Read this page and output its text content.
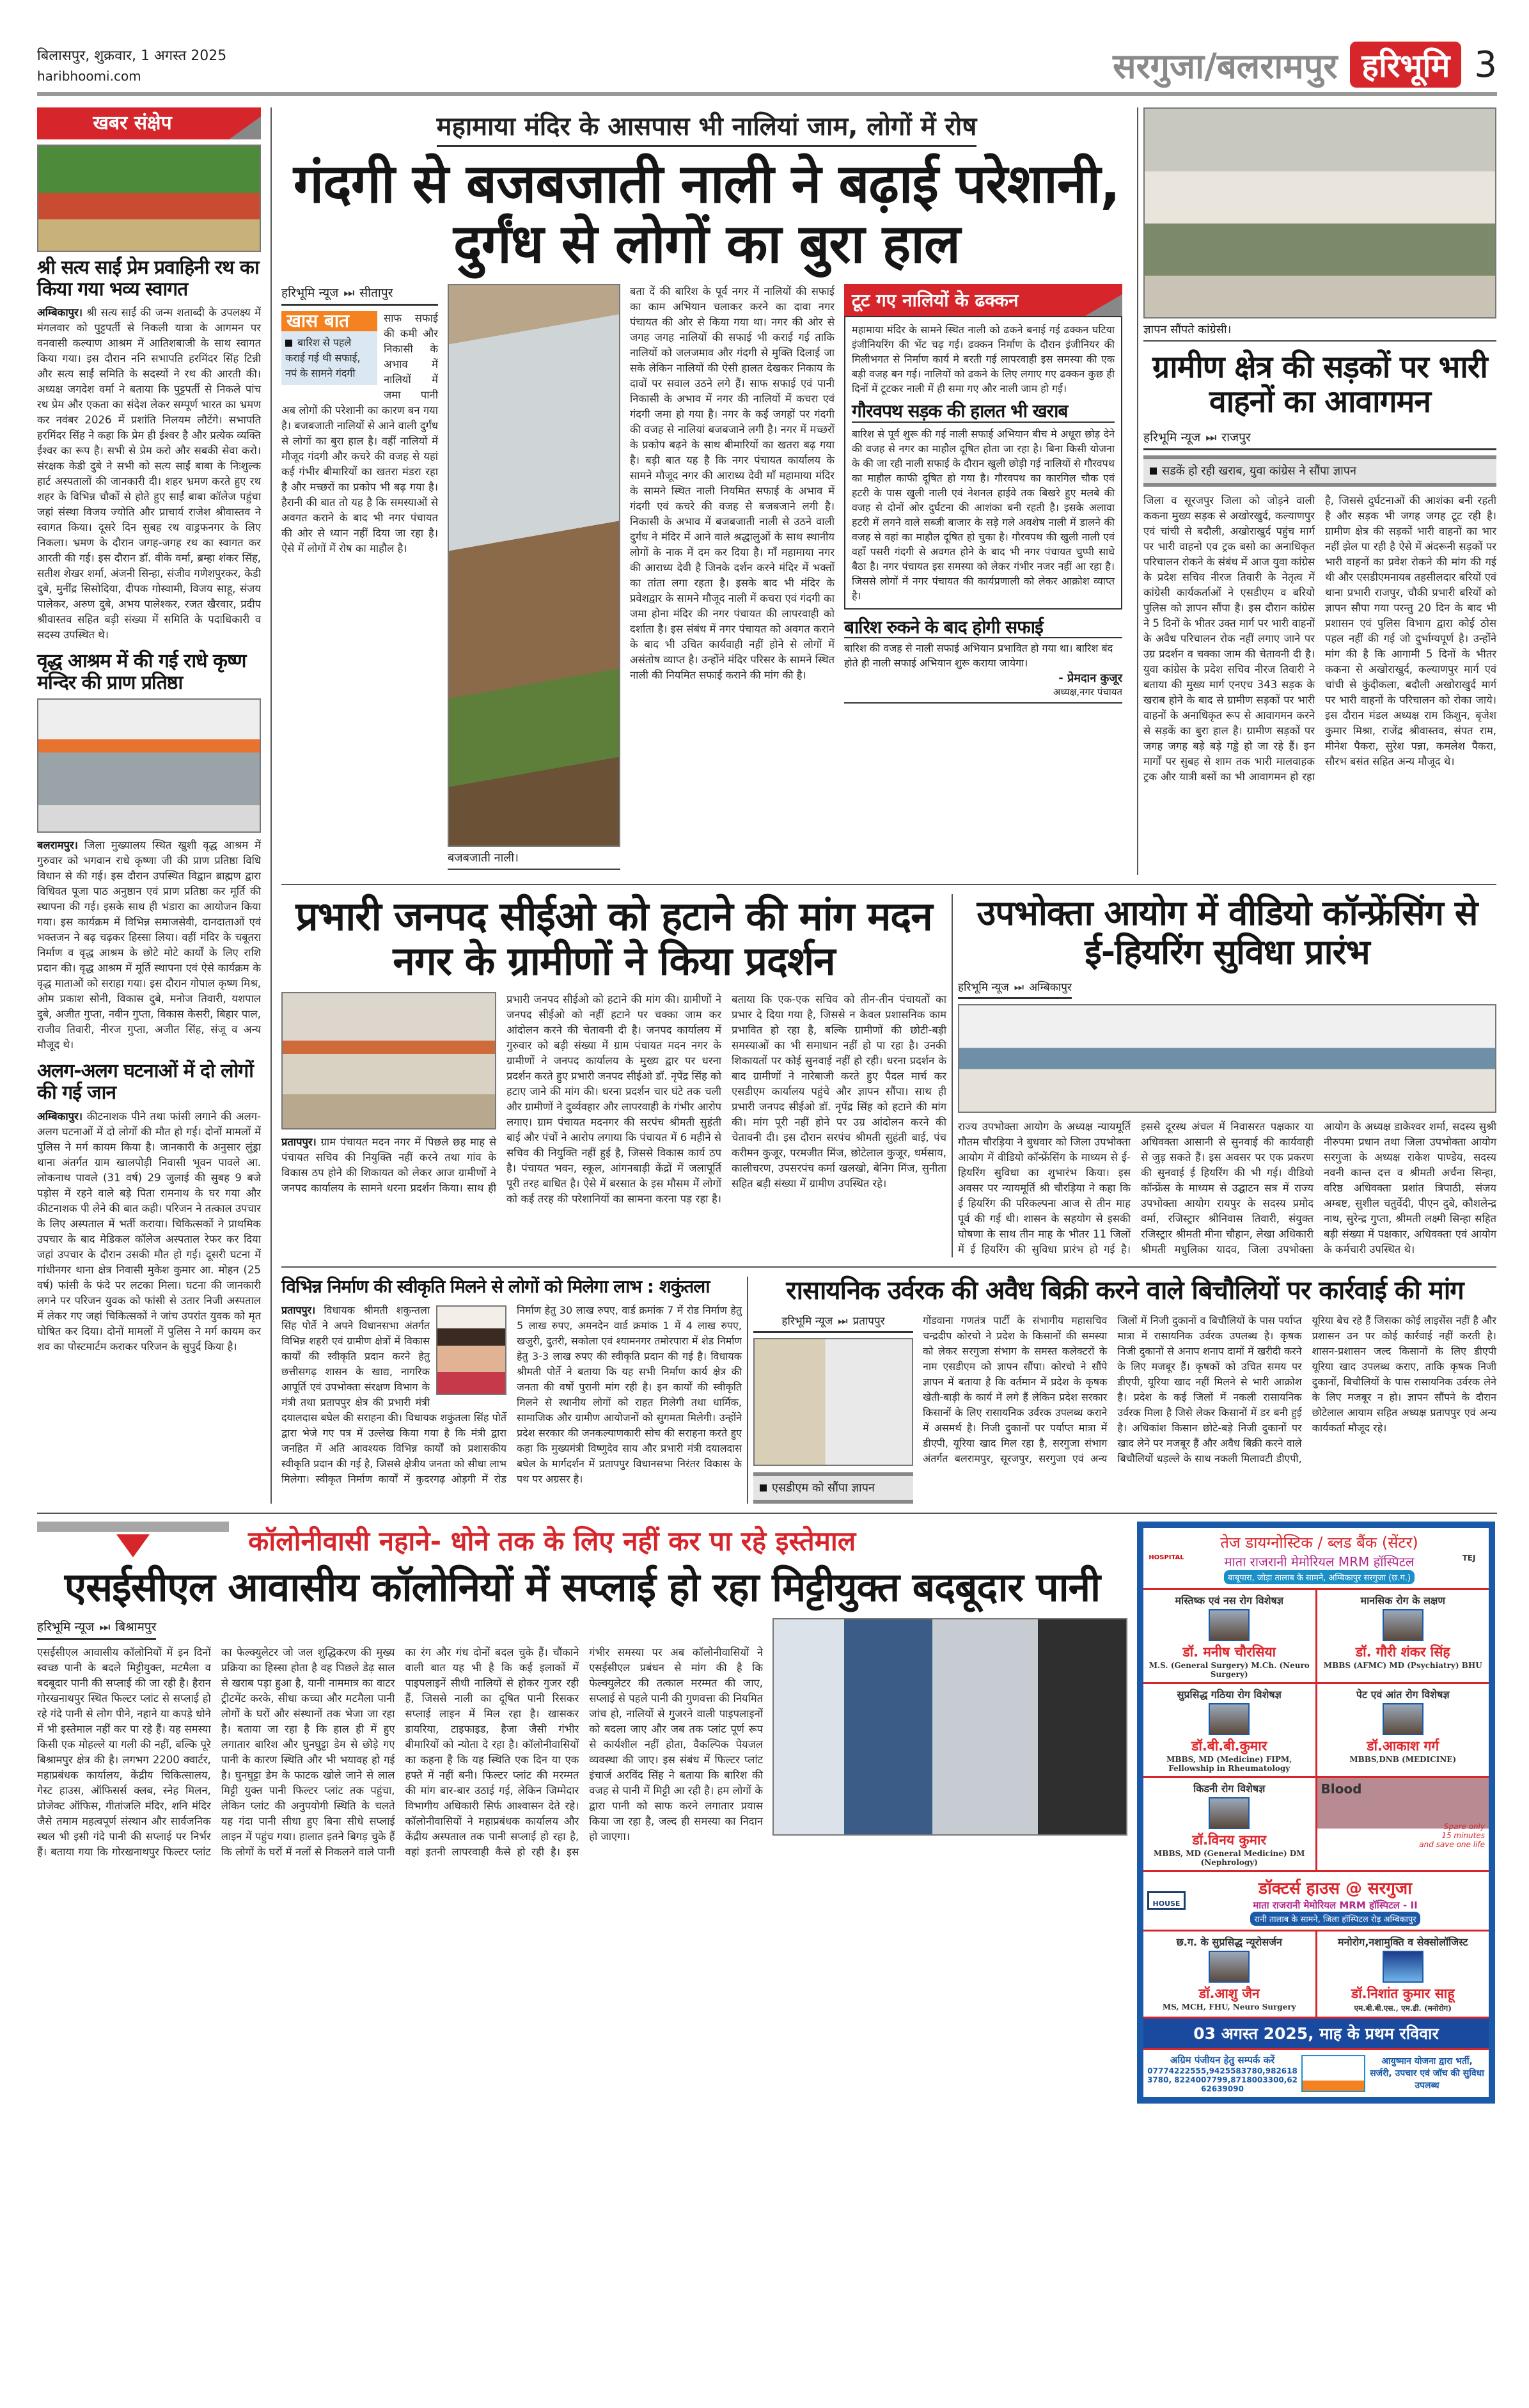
बिलासपुर, शुक्रवार, 1 अगस्त 2025
haribhoomi.com	सरगुजा/बलरामपुर हरिभूमि 3
खबर संक्षेप
श्री सत्य साईं प्रेम प्रवाहिनी रथ का किया गया भव्य स्वागत
अम्बिकापुर। श्री सत्य साईं की जन्म शताब्दी के उपलक्ष्य में मंगलवार को पुट्टपर्ती से निकली यात्रा के आगमन पर वनवासी कल्याण आश्रम में आतिशबाजी के साथ स्वागत किया गया। इस दौरान ननि सभापति हरमिंदर सिंह टिन्नी और सत्य साईं समिति के सदस्यों ने रथ की आरती की। अध्यक्ष जगदेश वर्मा ने बताया कि पुट्टपर्ती से निकले पांच रथ प्रेम और एकता का संदेश लेकर सम्पूर्ण भारत का भ्रमण कर नवंबर 2026 में प्रशांति निलयम लौटेंगे। सभापति हरमिंदर सिंह ने कहा कि प्रेम ही ईश्वर है और प्रत्येक व्यक्ति ईश्वर का रूप है। सभी से प्रेम करो और सबकी सेवा करो। संरक्षक केडी दुबे ने सभी को सत्य साईं बाबा के निःशुल्क हार्ट अस्पतालों की जानकारी दी। शहर भ्रमण करते हुए रथ शहर के विभिन्न चौकों से होते हुए साईं बाबा कॉलेज पहुंचा जहां संस्था विजय ज्योति और प्राचार्य राजेश श्रीवास्तव ने स्वागत किया। दूसरे दिन सुबह रथ वाड्रफनगर के लिए निकला। भ्रमण के दौरान जगह-जगह रथ का स्वागत कर आरती की गई। इस दौरान डॉ. वीके वर्मा, ब्रम्हा शंकर सिंह, सतीश शेखर शर्मा, अंजनी सिन्हा, संजीव गणेशपुरकर, केडी दुबे, मुनींद्र सिसोदिया, दीपक गोस्वामी, विजय साहू, संजय पालेकर, अरुण दुबे, अभय पालेश्कर, रजत खैरवार, प्रदीप श्रीवास्तव सहित बड़ी संख्या में समिति के पदाधिकारी व सदस्य उपस्थित थे।
वृद्ध आश्रम में की गई राधे कृष्ण मन्दिर की प्राण प्रतिष्ठा
बलरामपुर। जिला मुख्यालय स्थित खुशी वृद्ध आश्रम में गुरुवार को भगवान राधे कृष्णा जी की प्राण प्रतिष्ठा विधि विधान से की गई। इस दौरान उपस्थित विद्वान ब्राह्मण द्वारा विधिवत पूजा पाठ अनुष्ठान एवं प्राण प्रतिष्ठा कर मूर्ति की स्थापना की गई। इसके साथ ही भंडारा का आयोजन किया गया। इस कार्यक्रम में विभिन्न समाजसेवी, दानदाताओं एवं भक्तजन ने बढ़ चढ़कर हिस्सा लिया। वहीं मंदिर के चबूतरा निर्माण व वृद्ध आश्रम के छोटे मोटे कार्यों के लिए राशि प्रदान की। वृद्ध आश्रम में मूर्ति स्थापना एवं ऐसे कार्यक्रम के वृद्ध माताओं को सराहा गया। इस दौरान गोपाल कृष्ण मिश्र, ओम प्रकाश सोनी, विकास दुबे, मनोज तिवारी, यशपाल दुबे, अजीत गुप्ता, नवीन गुप्ता, विकास केसरी, बिहार पाल, राजीव तिवारी, नीरज गुप्ता, अजीत सिंह, संजू व अन्य मौजूद थे।
अलग-अलग घटनाओं में दो लोगों की गई जान
अम्बिकापुर। कीटनाशक पीने तथा फांसी लगाने की अलग-अलग घटनाओं में दो लोगों की मौत हो गई। दोनों मामलों में पुलिस ने मर्ग कायम किया है। जानकारी के अनुसार लुंड्रा थाना अंतर्गत ग्राम खालपोड़ी निवासी भूवन पावले आ. लोकनाथ पावले (31 वर्ष) 29 जुलाई की सुबह 9 बजे पड़ोस में रहने वाले बड़े पिता रामनाथ के घर गया और कीटनाशक पी लेने की बात कही। परिजन ने तत्काल उपचार के लिए अस्पताल में भर्ती कराया। चिकित्सकों ने प्राथमिक उपचार के बाद मेडिकल कॉलेज अस्पताल रेफर कर दिया जहां उपचार के दौरान उसकी मौत हो गई। दूसरी घटना में गांधीनगर थाना क्षेत्र निवासी मुकेश कुमार आ. मोहन (25 वर्ष) फांसी के फंदे पर लटका मिला। घटना की जानकारी लगने पर परिजन युवक को फांसी से उतार निजी अस्पताल में लेकर गए जहां चिकित्सकों ने जांच उपरांत युवक को मृत घोषित कर दिया। दोनों मामलों में पुलिस ने मर्ग कायम कर शव का पोस्टमार्टम कराकर परिजन के सुपुर्द किया है।
महामाया मंदिर के आसपास भी नालियां जाम, लोगों में रोष
गंदगी से बजबजाती नाली ने बढ़ाई परेशानी, दुर्गंध से लोगों का बुरा हाल
हरिभूमि न्यूज ⏭ सीतापुर
खास बात
बारिश से पहले कराई गई थी सफाई, नपं के सामने गंदगी
साफ सफाई की कमी और निकासी के अभाव में नालियों में जमा पानी अब लोगों की परेशानी का कारण बन गया है। बजबजाती नालियों से आने वाली दुर्गंध से लोगों का बुरा हाल है। वहीं नालियों में मौजूद गंदगी और कचरे की वजह से यहां कई गंभीर बीमारियों का खतरा मंडरा रहा है और मच्छरों का प्रकोप भी बढ़ गया है। हैरानी की बात तो यह है कि समस्याओं से अवगत कराने के बाद भी नगर पंचायत की ओर से ध्यान नहीं दिया जा रहा है। ऐसे में लोगों में रोष का माहौल है।
बजबजाती नाली।
बता दें की बारिश के पूर्व नगर में नालियों की सफाई का काम अभियान चलाकर करने का दावा नगर पंचायत की ओर से किया गया था। नगर की ओर से जगह जगह नालियों की सफाई भी कराई गई ताकि नालियों को जलजमाव और गंदगी से मुक्ति दिलाई जा सके लेकिन नालियों की ऐसी हालत देखकर निकाय के दावों पर सवाल उठने लगे हैं। साफ सफाई एवं पानी निकासी के अभाव में नगर की नालियों में कचरा एवं गंदगी जमा हो गया है। नगर के कई जगहों पर गंदगी की वजह से नालियां बजबजाने लगी है। नगर में मच्छरों के प्रकोप बढ़ने के साथ बीमारियों का खतरा बढ़ गया है। बड़ी बात यह है कि नगर पंचायत कार्यालय के सामने मौजूद नगर की आराध्य देवी माँ महामाया मंदिर के सामने स्थित नाली नियमित सफाई के अभाव में गंदगी एवं कचरे की वजह से बजबजाने लगी है। निकासी के अभाव में बजबजाती नाली से उठने वाली दुर्गंध ने मंदिर में आने वाले श्रद्धालुओं के साथ स्थानीय लोगों के नाक में दम कर दिया है। माँ महामाया नगर की आराध्य देवी है जिनके दर्शन करने मंदिर में भक्तों का तांता लगा रहता है। इसके बाद भी मंदिर के प्रवेशद्वार के सामने मौजूद नाली में कचरा एवं गंदगी का जमा होना मंदिर की नगर पंचायत की लापरवाही को दर्शाता है। इस संबंध में नगर पंचायत को अवगत कराने के बाद भी उचित कार्यवाही नहीं होने से लोगों में असंतोष व्याप्त है। उन्होंने मंदिर परिसर के सामने स्थित नाली की नियमित सफाई कराने की मांग की है।
टूट गए नालियों के ढक्कन
महामाया मंदिर के सामने स्थित नाली को ढकने बनाई गई ढक्कन घटिया इंजीनियरिंग की भेंट चढ़ गई। ढक्कन निर्माण के दौरान इंजीनियर की मिलीभगत से निर्माण कार्य मे बरती गई लापरवाही इस समस्या की एक बड़ी वजह बन गई। नालियों को ढकने के लिए लगाए गए ढक्कन कुछ ही दिनों में टूटकर नाली में ही समा गए और नाली जाम हो गई।
गौरवपथ सड़क की हालत भी खराब
बारिश से पूर्व शुरू की गई नाली सफाई अभियान बीच मे अधूरा छोड़ देने की वजह से नगर का माहौल दूषित होता जा रहा है। बिना किसी योजना के की जा रही नाली सफाई के दौरान खुली छोड़ी गई नालियों से गौरवपथ का माहौल काफी दूषित हो गया है। गौरवपथ का कारगिल चौक एवं हटरी के पास खुली नाली एवं नेशनल हाईवे तक बिखरे हुए मलबे की वजह से दोनों ओर दुर्घटना की आशंका बनी रहती है। इसके अलावा हटरी में लगने वाले सब्जी बाजार के सड़े गले अवशेष नाली में डालने की वजह से वहां का माहौल दूषित हो चुका है। गौरवपथ की खुली नाली एवं वहाँ पसरी गंदगी से अवगत होने के बाद भी नगर पंचायत चुप्पी साधे बैठा है। नगर पंचायत इस समस्या को लेकर गंभीर नजर नहीं आ रहा है। जिससे लोगों में नगर पंचायत की कार्यप्रणाली को लेकर आक्रोश व्याप्त है।
बारिश रुकने के बाद होगी सफाई
बारिश की वजह से नाली सफाई अभियान प्रभावित हो गया था। बारिश बंद होते ही नाली सफाई अभियान शुरू कराया जायेगा।
- प्रेमदान कुजूर
अध्यक्ष,नगर पंचायत
ज्ञापन सौंपते कांग्रेसी।
ग्रामीण क्षेत्र की सड़कों पर भारी वाहनों का आवागमन
हरिभूमि न्यूज ⏭ राजपुर
सडकें हो रही खराब, युवा कांग्रेस ने सौंपा ज्ञापन
जिला व सूरजपुर जिला को जोड़ने वाली ककना मुख्य सड़क से अखोरखुर्द, कल्याणपुर एवं चांची से बदौली, अखोराखुर्द पहुंच मार्ग पर भारी वाहनो एव ट्रक बसो का अनाधिकृत परिचालन रोकने के संबंध में आज युवा कांग्रेस के प्रदेश सचिव नीरज तिवारी के नेतृत्व में कांग्रेसी कार्यकर्ताओं ने एसडीएम व बरियो पुलिस को ज्ञापन सौंपा है। इस दौरान कांग्रेस ने 5 दिनों के भीतर उक्त मार्ग पर भारी वाहनों के अवैध परिचालन रोक नहीं लगाए जाने पर उग्र प्रदर्शन व चक्का जाम की चेतावनी दी है। युवा कांग्रेस के प्रदेश सचिव नीरज तिवारी ने बताया की मुख्य मार्ग एनएच 343 सड़क के खराब होने के बाद से ग्रामीण सड़कों पर भारी वाहनों के अनाधिकृत रूप से आवागमन करने से सड़कें का बुरा हाल है। ग्रामीण सड़कों पर जगह जगह बड़े बड़े गड्ढे हो जा रहे हैं। इन मार्गों पर सुबह से शाम तक भारी मालवाहक ट्रक और यात्री बसों का भी आवागमन हो रहा है, जिससे दुर्घटनाओं की आशंका बनी रहती है और सड़क भी जगह जगह टूट रही है। ग्रामीण क्षेत्र की सड़कों भारी वाहनों का भार नहीं झेल पा रही है ऐसे में अंदरूनी सड़कों पर भारी वाहनों का प्रवेश रोकने की मांग की गई थी और एसडीएमनायब तहसीलदार बरियों एवं थाना प्रभारी राजपुर, चौकी प्रभारी बरियों को ज्ञापन सौपा गया परन्तु 20 दिन के बाद भी प्रशासन एवं पुलिस विभाग द्वारा कोई ठोस पहल नहीं की गई जो दुर्भाग्यपूर्ण है। उन्होंने मांग की है कि आगामी 5 दिनों के भीतर ककना से अखोराखुर्द, कल्याणपुर मार्ग एवं चांची से कुंदीकला, बदौली अखोराखुर्द मार्ग पर भारी वाहनों के परिचालन को रोका जाये। इस दौरान मंडल अध्यक्ष राम किशुन, बृजेश कुमार मिश्रा, राजेंद्र श्रीवास्तव, संपत राम, मीनेश पैकरा, सुरेश पन्ना, कमलेश पैकरा, सौरभ बसंत सहित अन्य मौजूद थे।
प्रभारी जनपद सीईओ को हटाने की मांग मदन नगर के ग्रामीणों ने किया प्रदर्शन
प्रतापपुर। ग्राम पंचायत मदन नगर में पिछले छह माह से पंचायत सचिव की नियुक्ति नहीं करने तथा गांव के विकास ठप होने की शिकायत को लेकर आज ग्रामीणों ने जनपद कार्यालय के सामने धरना प्रदर्शन किया। साथ ही प्रभारी जनपद सीईओ को हटाने की मांग की। ग्रामीणों ने जनपद सीईओ को नहीं हटाने पर चक्का जाम कर आंदोलन करने की चेतावनी दी है। जनपद कार्यालय में गुरुवार को बड़ी संख्या में ग्राम पंचायत मदन नगर के ग्रामीणों ने जनपद कार्यालय के मुख्य द्वार पर धरना प्रदर्शन करते हुए प्रभारी जनपद सीईओ डॉ. नृपेंद्र सिंह को हटाए जाने की मांग की। धरना प्रदर्शन चार घंटे तक चली और ग्रामीणों ने दुर्व्यवहार और लापरवाही के गंभीर आरोप लगाए। ग्राम पंचायत मदनगर की सरपंच श्रीमती सुहंती बाई और पंचों ने आरोप लगाया कि पंचायत में 6 महीने से सचिव की नियुक्ति नहीं हुई है, जिससे विकास कार्य ठप है। पंचायत भवन, स्कूल, आंगनबाड़ी केंद्रों में जलापूर्ति पूरी तरह बाधित है। ऐसे में बरसात के इस मौसम में लोगों को कई तरह की परेशानियों का सामना करना पड़ रहा है। बताया कि एक-एक सचिव को तीन-तीन पंचायतों का प्रभार दे दिया गया है, जिससे न केवल प्रशासनिक काम प्रभावित हो रहा है, बल्कि ग्रामीणों की छोटी-बड़ी समस्याओं का भी समाधान नहीं हो पा रहा है। उनकी शिकायतों पर कोई सुनवाई नहीं हो रही। धरना प्रदर्शन के बाद ग्रामीणों ने नारेबाजी करते हुए पैदल मार्च कर एसडीएम कार्यालय पहुंचे और ज्ञापन सौंपा। साथ ही प्रभारी जनपद सीईओ डॉ. नृपेंद्र सिंह को हटाने की मांग की। मांग पूरी नहीं होने पर उग्र आंदोलन करने की चेतावनी दी। इस दौरान सरपंच श्रीमती सुहंती बाई, पंच करीमन कुजूर, परमजीत मिंज, छोटेलाल कुजूर, धर्मसाय, कालीचरण, उपसरपंच कर्मा खलखो, बेनिग मिंज, सुनीता सहित बड़ी संख्या में ग्रामीण उपस्थित रहे।
उपभोक्ता आयोग में वीडियो कॉन्फ्रेंसिंग से ई-हियरिंग सुविधा प्रारंभ
हरिभूमि न्यूज ⏭ अम्बिकापुर
राज्य उपभोक्ता आयोग के अध्यक्ष न्यायमूर्ति गौतम चौरड़िया ने बुधवार को जिला उपभोक्ता आयोग में वीडियो कॉन्फ्रेंसिंग के माध्यम से ई-हियरिंग सुविधा का शुभारंभ किया। इस अवसर पर न्यायमूर्ति श्री चौरड़िया ने कहा कि ई हियरिंग की परिकल्पना आज से तीन माह पूर्व की गई थी। शासन के सहयोग से इसकी घोषणा के साथ तीन माह के भीतर 11 जिलों में ई हियरिंग की सुविधा प्रारंभ हो गई है। इससे दूरस्थ अंचल में निवासरत पक्षकार या अधिवक्ता आसानी से सुनवाई की कार्यवाही से जुड़ सकते हैं। इस अवसर पर एक प्रकरण की सुनवाई ई हियरिंग की भी गई। वीडियो कॉन्फ्रेंस के माध्यम से उद्घाटन सत्र में राज्य उपभोक्ता आयोग रायपुर के सदस्य प्रमोद वर्मा, रजिस्ट्रार श्रीनिवास तिवारी, संयुक्त रजिस्ट्रार श्रीमती मीना चौहान, लेखा अधिकारी श्रीमती मधुलिका यादव, जिला उपभोक्ता आयोग के अध्यक्ष डाकेश्वर शर्मा, सदस्य सुश्री नीरुपमा प्रधान तथा जिला उपभोक्ता आयोग सरगुजा के अध्यक्ष राकेश पाण्डेय, सदस्य नवनी कान्त दत्त व श्रीमती अर्चना सिन्हा, वरिष्ठ अधिवक्ता प्रशांत त्रिपाठी, संजय अम्बष्ट, सुशील चतुर्वेदी, पीएन दुबे, कौशलेन्द्र नाथ, सुरेन्द्र गुप्ता, श्रीमती लक्ष्मी सिन्हा सहित बड़ी संख्या में पक्षकार, अधिवक्ता एवं आयोग के कर्मचारी उपस्थित थे।
विभिन्न निर्माण की स्वीकृति मिलने से लोगों को मिलेगा लाभ : शकुंतला
प्रतापपुर। विधायक श्रीमती शकुन्तला सिंह पोर्ते ने अपने विधानसभा अंतर्गत विभिन्न शहरी एवं ग्रामीण क्षेत्रों में विकास कार्यों की स्वीकृति प्रदान करने हेतु छत्तीसगढ़ शासन के खाद्य, नागरिक आपूर्ति एवं उपभोक्ता संरक्षण विभाग के मंत्री तथा प्रतापपुर क्षेत्र की प्रभारी मंत्री दयालदास बघेल की सराहना की। विधायक शकुंतला सिंह पोर्ते द्वारा भेजे गए पत्र में उल्लेख किया गया है कि मंत्री द्वारा जनहित में अति आवश्यक विभिन्न कार्यों को प्रशासकीय स्वीकृति प्रदान की गई है, जिससे क्षेत्रीय जनता को सीधा लाभ मिलेगा। स्वीकृत निर्माण कार्यों में कुदरगढ़ ओड़गी में रोड निर्माण हेतु 30 लाख रुपए, वार्ड क्रमांक 7 में रोड निर्माण हेतु 5 लाख रुपए, अमनदेन वार्ड क्रमांक 1 में 4 लाख रुपए, खजुरी, दुतरी, सकोला एवं श्यामनगर तमोरपारा में शेड निर्माण हेतु 3-3 लाख रुपए की स्वीकृति प्रदान की गई है। विधायक श्रीमती पोर्ते ने बताया कि यह सभी निर्माण कार्य क्षेत्र की जनता की वर्षों पुरानी मांग रही है। इन कार्यों की स्वीकृति मिलने से स्थानीय लोगों को राहत मिलेगी तथा धार्मिक, सामाजिक और ग्रामीण आयोजनों को सुगमता मिलेगी। उन्होंने प्रदेश सरकार की जनकल्याणकारी सोच की सराहना करते हुए कहा कि मुख्यमंत्री विष्णुदेव साय और प्रभारी मंत्री दयालदास बघेल के मार्गदर्शन में प्रतापपुर विधानसभा निरंतर विकास के पथ पर अग्रसर है।
रासायनिक उर्वरक की अवैध बिक्री करने वाले बिचौलियों पर कार्रवाई की मांग
हरिभूमि न्यूज ⏭ प्रतापपुर
एसडीएम को सौंपा ज्ञापन
गोंडवाना गणतंत्र पार्टी के संभागीय महासचिव चन्द्रदीप कोरचो ने प्रदेश के किसानों की समस्या को लेकर सरगुजा संभाग के समस्त कलेक्टरों के नाम एसडीएम को ज्ञापन सौंपा। कोरचो ने सौंपे ज्ञापन में बताया है कि वर्तमान में प्रदेश के कृषक खेती-बाड़ी के कार्य में लगे हैं लेकिन प्रदेश सरकार किसानों के लिए रासायनिक उर्वरक उपलब्ध कराने में असमर्थ है। निजी दुकानों पर पर्याप्त मात्रा में डीएपी, यूरिया खाद मिल रहा है, सरगुजा संभाग अंतर्गत बलरामपुर, सूरजपुर, सरगुजा एवं अन्य जिलों में निजी दुकानों व बिचौलियों के पास पर्याप्त मात्रा में रासायनिक उर्वरक उपलब्ध है। कृषक निजी दुकानों से अनाप शनाप दामों में खरीदी करने के लिए मजबूर हैं। कृषकों को उचित समय पर डीएपी, यूरिया खाद नहीं मिलने से भारी आक्रोश है। प्रदेश के कई जिलों में नकली रासायनिक उर्वरक मिला है जिसे लेकर किसानों में डर बनी हुई है। अधिकांश किसान छोटे-बड़े निजी दुकानों पर खाद लेने पर मजबूर हैं और अवैध बिक्री करने वाले बिचौलियों धड़ल्ले के साथ नकली मिलावटी डीएपी, यूरिया बेच रहे हैं जिसका कोई लाइसेंस नहीं है और प्रशासन उन पर कोई कार्रवाई नहीं करती है। शासन-प्रशासन जल्द किसानों के लिए डीएपी यूरिया खाद उपलब्ध कराए, ताकि कृषक निजी दुकानों, बिचौलियों के पास रासायनिक उर्वरक लेने के लिए मजबूर न हो। ज्ञापन सौंपने के दौरान छोटेलाल आयाम सहित अध्यक्ष प्रतापपुर एवं अन्य कार्यकर्ता मौजूद रहे।
कॉलोनीवासी नहाने- धोने तक के लिए नहीं कर पा रहे इस्तेमाल
एसईसीएल आवासीय कॉलोनियों में सप्लाई हो रहा मिट्टीयुक्त बदबूदार पानी
हरिभूमि न्यूज ⏭ बिश्रामपुर
एसईसीएल आवासीय कॉलोनियों में इन दिनों स्वच्छ पानी के बदले मिट्टीयुक्त, मटमैला व बदबूदार पानी की सप्लाई की जा रही है। हैरान गोरखनाथपुर स्थित फिल्टर प्लांट से सप्लाई हो रहे गंदे पानी से लोग पीने, नहाने या कपड़े धोने में भी इस्तेमाल नहीं कर पा रहे हैं। यह समस्या किसी एक मोहल्ले या गली की नहीं, बल्कि पूरे बिश्रामपुर क्षेत्र की है। लगभग 2200 क्वार्टर, महाप्रबंधक कार्यालय, केंद्रीय चिकित्सालय, गेस्ट हाउस, ऑफिसर्स क्लब, स्नेह मिलन, प्रोजेक्ट ऑफिस, गीतांजलि मंदिर, शनि मंदिर जैसे तमाम महत्वपूर्ण संस्थान और सार्वजनिक स्थल भी इसी गंदे पानी की सप्लाई पर निर्भर हैं। बताया गया कि गोरखनाथपुर फिल्टर प्लांट का फेल्क्युलेटर जो जल शुद्धिकरण की मुख्य प्रक्रिया का हिस्सा होता है वह पिछले डेढ़ साल से खराब पड़ा हुआ है, यानी नाममात्र का वाटर ट्रीटमेंट करके, सीधा कच्चा और मटमैला पानी लोगों के घरों और संस्थानों तक भेजा जा रहा है। बताया जा रहा है कि हाल ही में हुए लगातार बारिश और घुनघुट्टा डेम से छोड़े गए पानी के कारण स्थिति और भी भयावह हो गई है। घुनघुट्टा डेम के फाटक खोले जाने से लाल मिट्टी युक्त पानी फिल्टर प्लांट तक पहुंचा, लेकिन प्लांट की अनुपयोगी स्थिति के चलते यह गंदा पानी सीधा हुए बिना सीधे सप्लाई लाइन में पहुंच गया। हालात इतने बिगड़ चुके हैं कि लोगों के घरों में नलों से निकलने वाले पानी का रंग और गंध दोनों बदल चुके हैं। चौंकाने वाली बात यह भी है कि कई इलाकों में पाइपलाइनें सीधी नालियों से होकर गुजर रही हैं, जिससे नाली का दूषित पानी रिसकर सप्लाई लाइन में मिल रहा है। खासकर डायरिया, टाइफाइड, हैजा जैसी गंभीर बीमारियों को न्योता दे रहा है। कॉलोनीवासियों का कहना है कि यह स्थिति एक दिन या एक हफ्ते में नहीं बनी। फिल्टर प्लांट की मरम्मत की मांग बार-बार उठाई गई, लेकिन जिम्मेदार विभागीय अधिकारी सिर्फ आश्वासन देते रहे। कॉलोनीवासियों ने महाप्रबंधक कार्यालय और केंद्रीय अस्पताल तक पानी सप्लाई हो रहा है, वहां इतनी लापरवाही कैसे हो रही है। इस गंभीर समस्या पर अब कॉलोनीवासियों ने एसईसीएल प्रबंधन से मांग की है कि फेल्क्युलेटर की तत्काल मरम्मत की जाए, सप्लाई से पहले पानी की गुणवत्ता की नियमित जांच हो, नालियों से गुजरने वाली पाइपलाइनों को बदला जाए और जब तक प्लांट पूर्ण रूप से कार्यशील नहीं होता, वैकल्पिक पेयजल व्यवस्था की जाए। इस संबंध में फिल्टर प्लांट इंचार्ज अरविंद सिंह ने बताया कि बारिश की वजह से पानी में मिट्टी आ रही है। हम लोगों के द्वारा पानी को साफ करने लगातार प्रयास किया जा रहा है, जल्द ही समस्या का निदान हो जाएगा।
HOSPITAL
तेज डायग्नोस्टिक / ब्लड बैंक (सेंटर)
माता राजरानी मेमोरियल MRM हॉस्पिटल
बाबूपारा, जोड़ा तालाब के सामने, अम्बिकापुर सरगुजा (छ.ग.)
TEJ
मस्तिष्क एवं नस रोग विशेषज्ञ
डॉ. मनीष चौरसिया
M.S. (General Surgery) M.Ch. (Neuro Surgery)
मानसिक रोग के लक्षण
डॉ. गौरी शंकर सिंह
MBBS (AFMC) MD (Psychiatry) BHU
सुप्रसिद्ध गठिया रोग विशेषज्ञ
डॉ.बी.बी.कुमार
MBBS, MD (Medicine) FIPM, Fellowship in Rheumatology
पेट एवं आंत रोग विशेषज्ञ
डॉ.आकाश गर्ग
MBBS,DNB (MEDICINE)
किडनी रोग विशेषज्ञ
डॉ.विनय कुमार
MBBS, MD (General Medicine) DM (Nephrology)
Blood
Spare only
15 minutes
and save one life
HOUSE
डॉक्टर्स हाउस @ सरगुजा
माता राजरानी मेमोरियल MRM हॉस्पिटल - II
रानी तालाब के सामने, जिला हॉस्पिटल रोड़ अम्बिकापुर
छ.ग. के सुप्रसिद्ध न्यूरोसर्जन
डॉ.आशु जैन
MS, MCH, FHU, Neuro Surgery
मनोरोग,नशामुक्ति व सेक्सोलॉजिस्ट
डॉ.निशांत कुमार साहू
एम.बी.बी.एस., एम.डी. (मनोरोग)
03 अगस्त 2025, माह के प्रथम रविवार
अग्रिम पंजीयन हेतु सम्पर्क करें
07774222555,9425583780,9826183780, 8224007799,8718003300,6262639090
आयुष्मान योजना द्वारा भर्ती, सर्जरी, उपचार एवं जॉच की सुविधा उपलब्ध
